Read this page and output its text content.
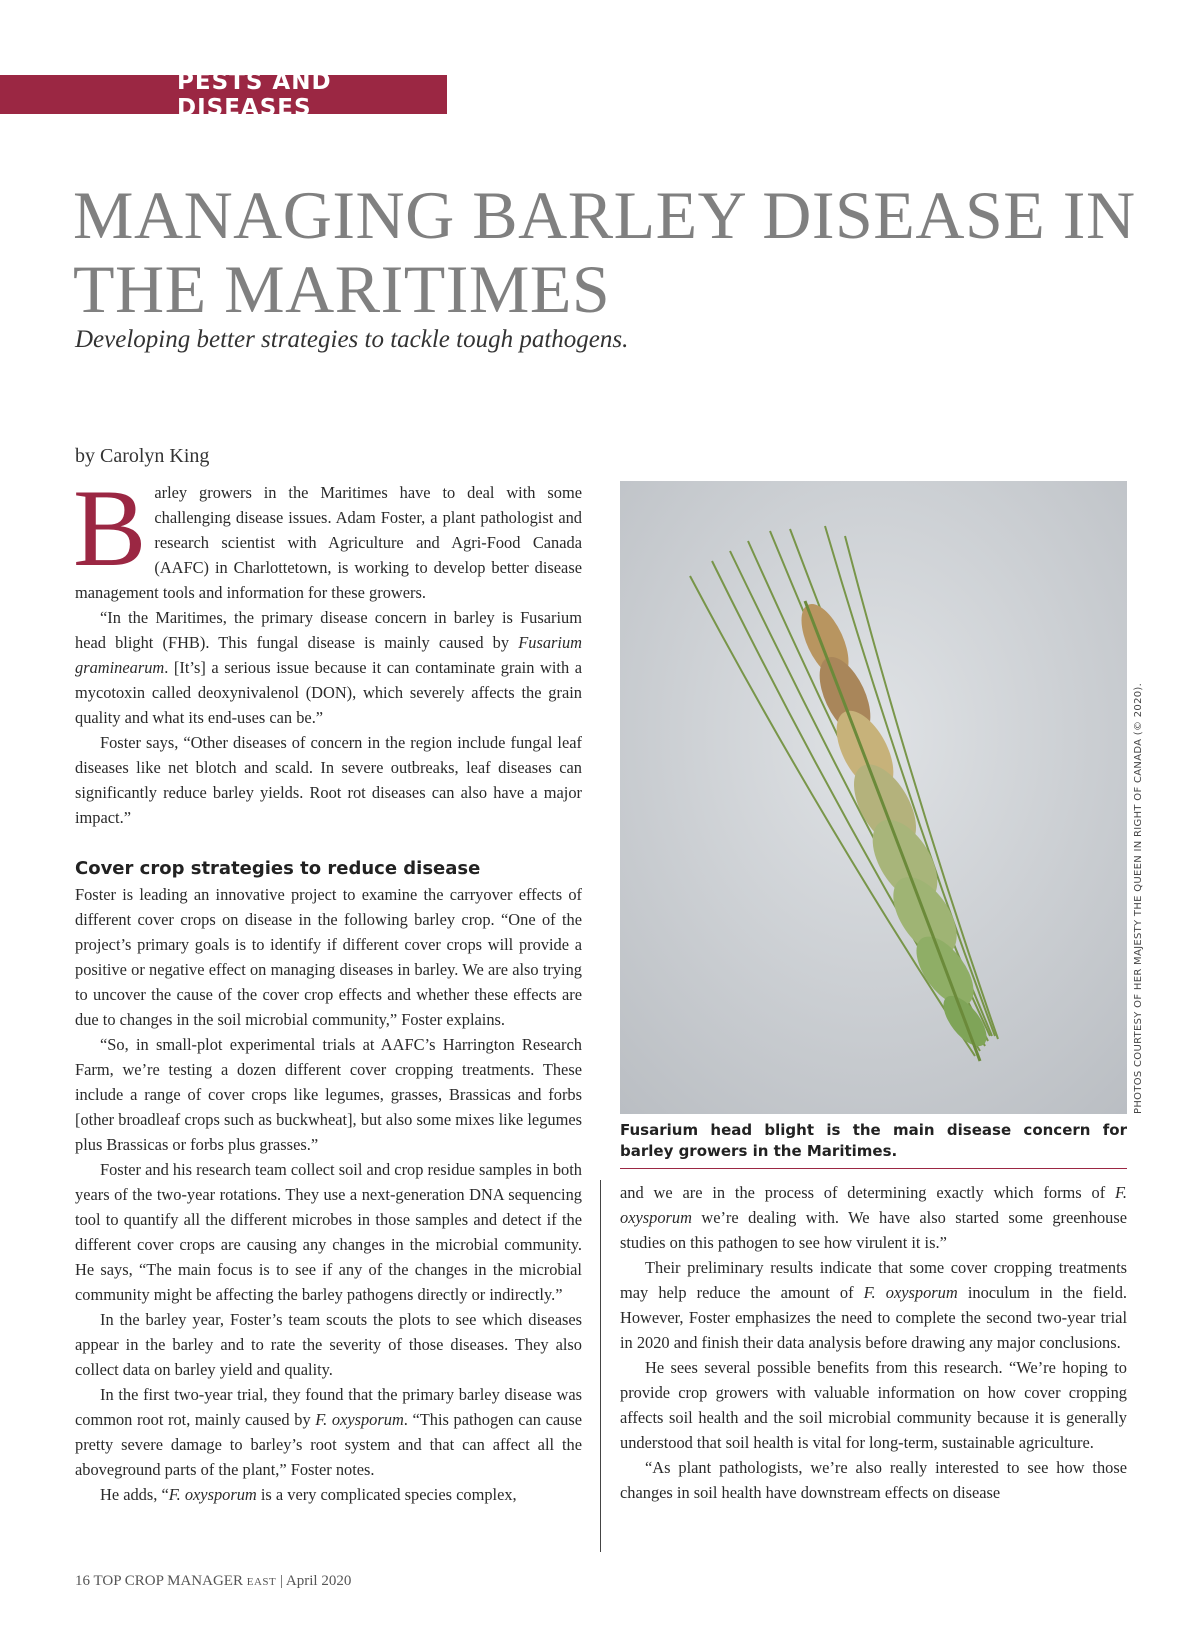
PESTS AND DISEASES
MANAGING BARLEY DISEASE IN THE MARITIMES

Developing better strategies to tackle tough pathogens.

by Carolyn King

Barley growers in the Maritimes have to deal with some challenging disease issues. Adam Foster, a plant pathologist and research scientist with Agriculture and Agri-Food Canada (AAFC) in Charlottetown, is working to develop better disease management tools and information for these growers.

“In the Maritimes, the primary disease concern in barley is Fusarium head blight (FHB). This fungal disease is mainly caused by Fusarium graminearum. [It’s] a serious issue because it can contaminate grain with a mycotoxin called deoxynivalenol (DON), which severely affects the grain quality and what its end-uses can be.”

Foster says, “Other diseases of concern in the region include fungal leaf diseases like net blotch and scald. In severe outbreaks, leaf diseases can significantly reduce barley yields. Root rot diseases can also have a major impact.”

Cover crop strategies to reduce disease

Foster is leading an innovative project to examine the carryover effects of different cover crops on disease in the following barley crop. “One of the project’s primary goals is to identify if different cover crops will provide a positive or negative effect on managing diseases in barley. We are also trying to uncover the cause of the cover crop effects and whether these effects are due to changes in the soil microbial community,” Foster explains.

“So, in small-plot experimental trials at AAFC’s Harrington Research Farm, we’re testing a dozen different cover cropping treatments. These include a range of cover crops like legumes, grasses, Brassicas and forbs [other broadleaf crops such as buckwheat], but also some mixes like legumes plus Brassicas or forbs plus grasses.”

Foster and his research team collect soil and crop residue samples in both years of the two-year rotations. They use a next-generation DNA sequencing tool to quantify all the different microbes in those samples and detect if the different cover crops are causing any changes in the microbial community. He says, “The main focus is to see if any of the changes in the microbial community might be affecting the barley pathogens directly or indirectly.”

In the barley year, Foster’s team scouts the plots to see which diseases appear in the barley and to rate the severity of those diseases. They also collect data on barley yield and quality.

In the first two-year trial, they found that the primary barley disease was common root rot, mainly caused by F. oxysporum. “This pathogen can cause pretty severe damage to barley’s root system and that can affect all the aboveground parts of the plant,” Foster notes.

He adds, “F. oxysporum is a very complicated species complex,

PHOTOS COURTESY OF HER MAJESTY THE QUEEN IN RIGHT OF CANADA (© 2020).

Fusarium head blight is the main disease concern for barley growers in the Maritimes.

and we are in the process of determining exactly which forms of F. oxysporum we’re dealing with. We have also started some greenhouse studies on this pathogen to see how virulent it is.”

Their preliminary results indicate that some cover cropping treatments may help reduce the amount of F. oxysporum inoculum in the field. However, Foster emphasizes the need to complete the second two-year trial in 2020 and finish their data analysis before drawing any major conclusions.

He sees several possible benefits from this research. “We’re hoping to provide crop growers with valuable information on how cover cropping affects soil health and the soil microbial community because it is generally understood that soil health is vital for long-term, sustainable agriculture.

“As plant pathologists, we’re also really interested to see how those changes in soil health have downstream effects on disease

16 TOP CROP MANAGER EAST | April 2020
